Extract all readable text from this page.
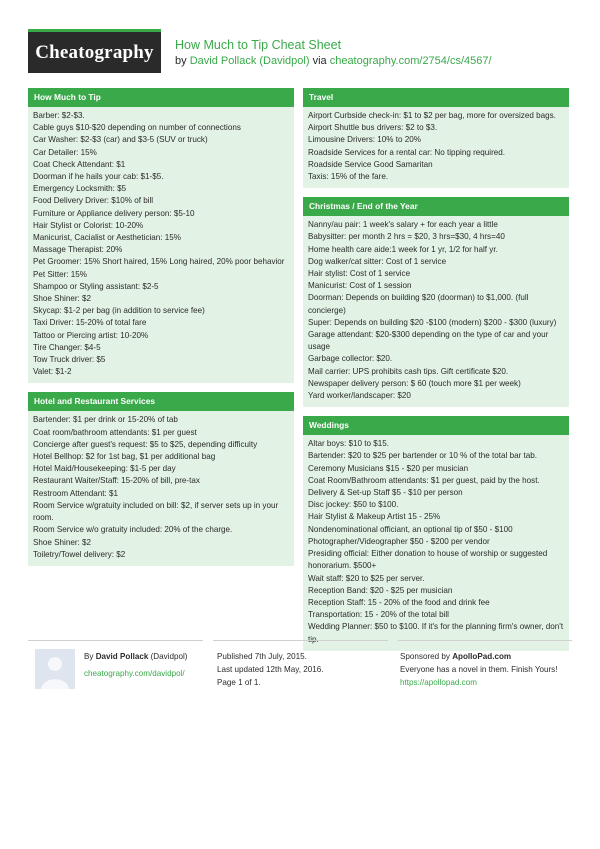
Cheatography	How Much to Tip Cheat Sheet
by David Pollack (Davidpol) via cheatography.com/2754/cs/4567/
How Much to Tip
Barber: $2-$3.
Cable guys $10-$20 depending on number of connections
Car Washer: $2-$3 (car) and $3-5 (SUV or truck)
Car Detailer: 15%
Coat Check Attendant: $1
Doorman if he hails your cab: $1-$5.
Emergency Locksmith: $5
Food Delivery Driver: $10% of bill
Furniture or Appliance delivery person: $5-10
Hair Stylist or Colorist: 10-20%
Manicurist, Cacialist or Aesthetician: 15%
Massage Therapist: 20%
Pet Groomer: 15% Short haired, 15% Long haired, 20% poor behavior
Pet Sitter: 15%
Shampoo or Styling assistant: $2-5
Shoe Shiner: $2
Skycap: $1-2 per bag (in addition to service fee)
Taxi Driver: 15-20% of total fare
Tattoo or Piercing artist: 10-20%
Tire Changer: $4-5
Tow Truck driver: $5
Valet: $1-2
Hotel and Restaurant Services
Bartender: $1 per drink or 15-20% of tab
Coat room/bathroom attendants: $1 per guest
Concierge after guest's request: $5 to $25, depending difficulty
Hotel Bellhop: $2 for 1st bag, $1 per additional bag
Hotel Maid/Housekeeping: $1-5 per day
Restaurant Waiter/Staff: 15-20% of bill, pre-tax
Restroom Attendant: $1
Room Service w/gratuity included on bill: $2, if server sets up in your room.
Room Service w/o gratuity included: 20% of the charge.
Shoe Shiner: $2
Toiletry/Towel delivery: $2
Travel
Airport Curbside check-in: $1 to $2 per bag, more for oversized bags.
Airport Shuttle bus drivers: $2 to $3.
Limousine Drivers: 10% to 20%
Roadside Services for a rental car: No tipping required.
Roadside Service Good Samaritan
Taxis: 15% of the fare.
Christmas / End of the Year
Nanny/au pair: 1 week's salary + for each year a little
Babysitter: per month 2 hrs = $20, 3 hrs=$30, 4 hrs=40
Home health care aide:1 week for 1 yr, 1/2 for half yr.
Dog walker/cat sitter: Cost of 1 service
Hair stylist: Cost of 1 service
Manicurist: Cost of 1 session
Doorman: Depends on building $20 (doorman) to $1,000. (full concierge)
Super: Depends on building $20 -$100 (modern) $200 - $300 (luxury)
Garage attendant: $20-$300 depending on the type of car and your usage
Garbage collector: $20.
Mail carrier: UPS prohibits cash tips. Gift certificate $20.
Newspaper delivery person: $ 60 (touch more $1 per week)
Yard worker/landscaper: $20
Weddings
Altar boys: $10 to $15.
Bartender: $20 to $25 per bartender or 10 % of the total bar tab.
Ceremony Musicians $15 - $20 per musician
Coat Room/Bathroom attendants: $1 per guest, paid by the host.
Delivery & Set-up Staff $5 - $10 per person
Disc jockey: $50 to $100.
Hair Stylist & Makeup Artist 15 - 25%
Nondenominational officiant, an optional tip of $50 - $100
Photographer/Videographer $50 - $200 per vendor
Presiding official: Either donation to house of worship or suggested honorarium. $500+
Wait staff: $20 to $25 per server.
Reception Band: $20 - $25 per musician
Reception Staff: 15 - 20% of the food and drink fee
Transportation: 15 - 20% of the total bill
Wedding Planner: $50 to $100. If it's for the planning firm's owner, don't
By David Pollack (Davidpol)
cheatography.com/davidpol/
Published 7th July, 2015.
Last updated 12th May, 2016.
Page 1 of 1.
Sponsored by ApolloPad.com
Everyone has a novel in them. Finish Yours!
https://apollopad.com
